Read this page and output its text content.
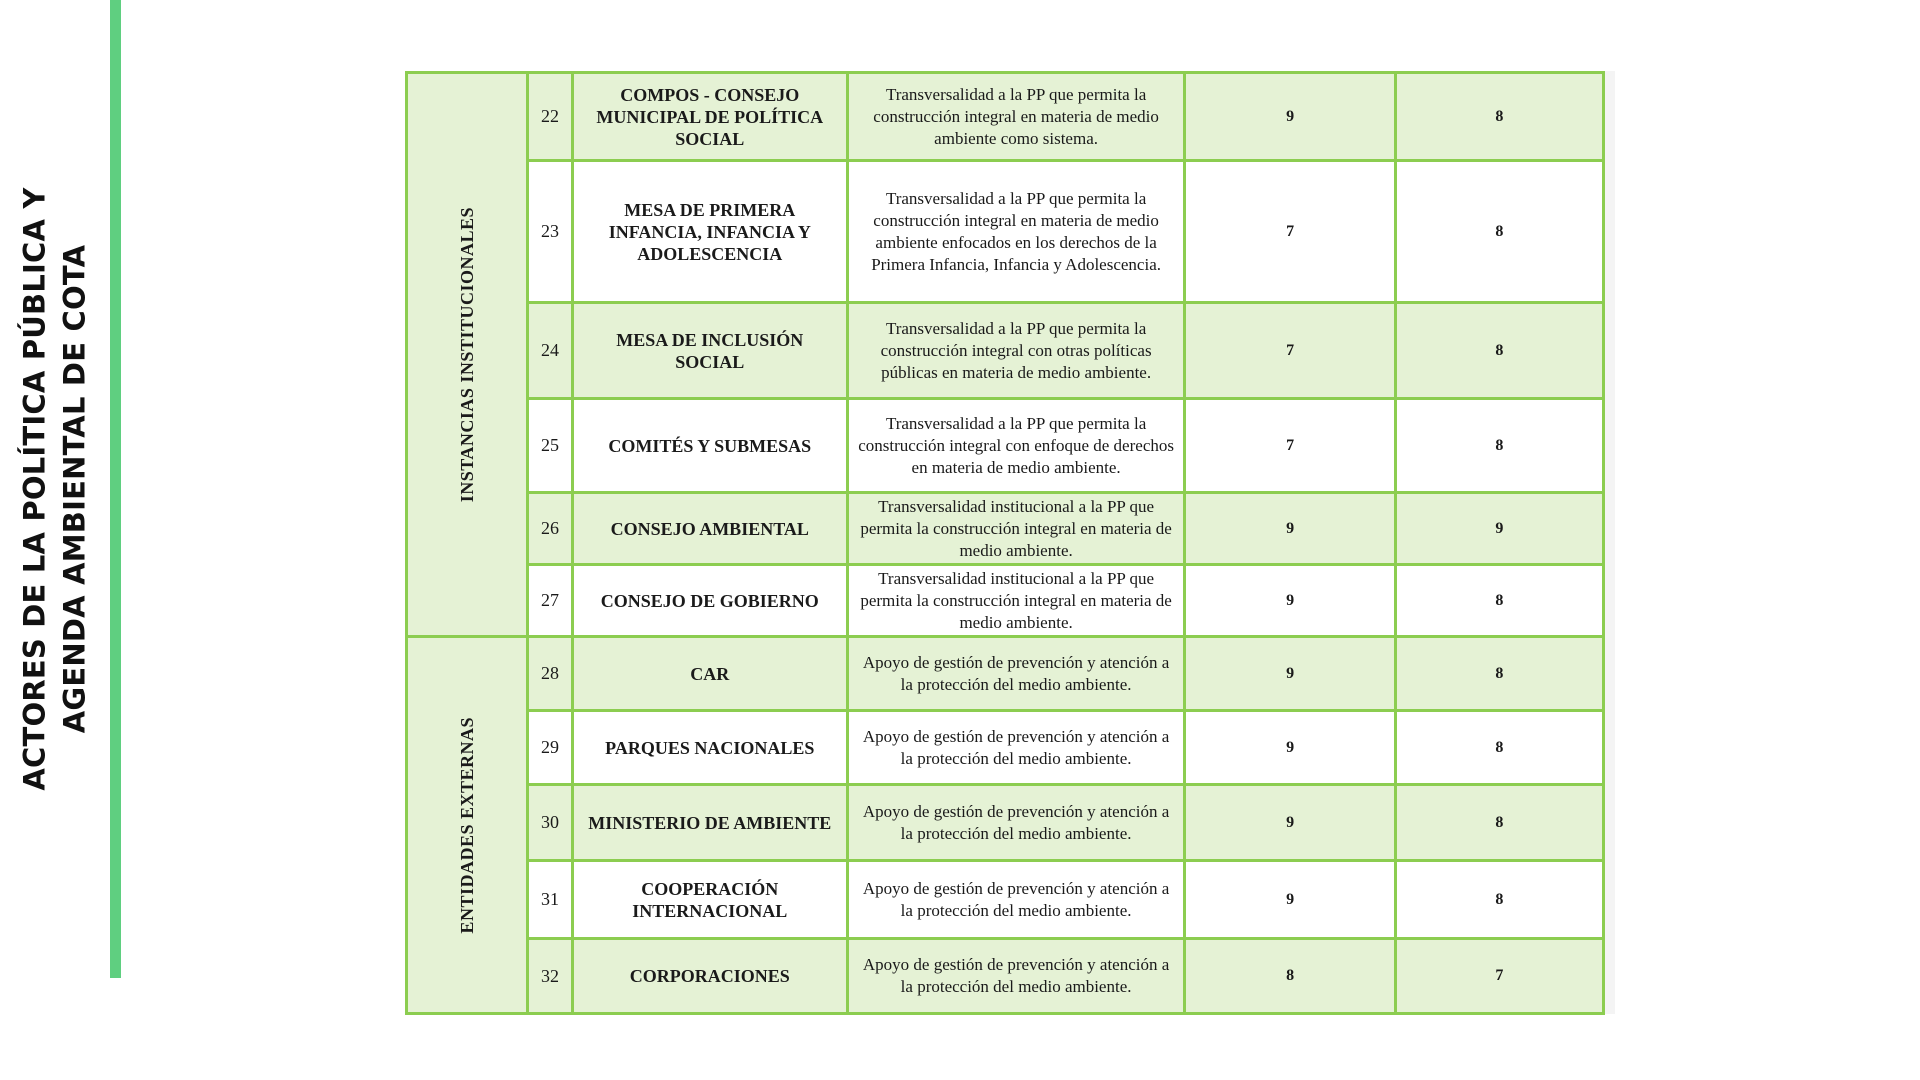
ACTORES DE LA POLÍTICA PÚBLICA Y AGENDA AMBIENTAL DE COTA	INSTANCIAS INSTITUCIONALES	22	COMPOS - CONSEJO MUNICIPAL DE POLÍTICA SOCIAL	Transversalidad a la PP que permita la construcción integral en materia de medio ambiente como sistema.	9	8
	23	MESA DE PRIMERA INFANCIA, INFANCIA Y ADOLESCENCIA	Transversalidad a la PP que permita la construcción integral en materia de medio ambiente enfocados en los derechos de la Primera Infancia, Infancia y Adolescencia.	7	8
	24	MESA DE INCLUSIÓN SOCIAL	Transversalidad a la PP que permita la construcción integral con otras políticas públicas en materia de medio ambiente.	7	8
	25	COMITÉS Y SUBMESAS	Transversalidad a la PP que permita la construcción integral con enfoque de derechos en materia de medio ambiente.	7	8
	26	CONSEJO AMBIENTAL	Transversalidad institucional a la PP que permita la construcción integral en materia de medio ambiente.	9	9
	27	CONSEJO DE GOBIERNO	Transversalidad institucional a la PP que permita la construcción integral en materia de medio ambiente.	9	8

ENTIDADES EXTERNAS	28	CAR	Apoyo de gestión de prevención y atención a la protección del medio ambiente.	9	8
	29	PARQUES NACIONALES	Apoyo de gestión de prevención y atención a la protección del medio ambiente.	9	8
	30	MINISTERIO DE AMBIENTE	Apoyo de gestión de prevención y atención a la protección del medio ambiente.	9	8
	31	COOPERACIÓN INTERNACIONAL	Apoyo de gestión de prevención y atención a la protección del medio ambiente.	9	8
	32	CORPORACIONES	Apoyo de gestión de prevención y atención a la protección del medio ambiente.	8	7
